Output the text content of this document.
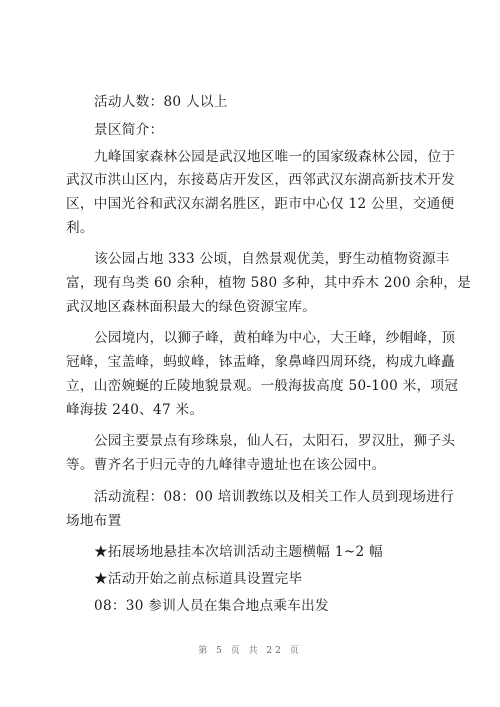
活动人数：80 人以上
景区简介：
九峰国家森林公园是武汉地区唯一的国家级森林公园，位于
武汉市洪山区内，东接葛店开发区，西邻武汉东湖高新技术开发
区，中国光谷和武汉东湖名胜区，距市中心仅 12 公里，交通便
利。
该公园占地 333 公顷，自然景观优美，野生动植物资源丰
富，现有鸟类 60 余种，植物 580 多种，其中乔木 200 余种，是
武汉地区森林面积最大的绿色资源宝库。
公园境内，以狮子峰，黄柏峰为中心，大王峰，纱帽峰，顶
冠峰，宝盖峰，蚂蚁峰，钵盂峰，象鼻峰四周环绕，构成九峰矗
立，山峦婉蜒的丘陵地貌景观。一般海拔高度 50-100 米，项冠
峰海拔 240、47 米。
公园主要景点有珍珠泉，仙人石，太阳石，罗汉肚，狮子头
等。曹齐名于归元寺的九峰律寺遗址也在该公园中。
活动流程：08：00 培训教练以及相关工作人员到现场进行
场地布置
★拓展场地悬挂本次培训活动主题横幅 1~2 幅
★活动开始之前点标道具设置完毕
08：30 参训人员在集合地点乘车出发
第 5 页 共 22 页
